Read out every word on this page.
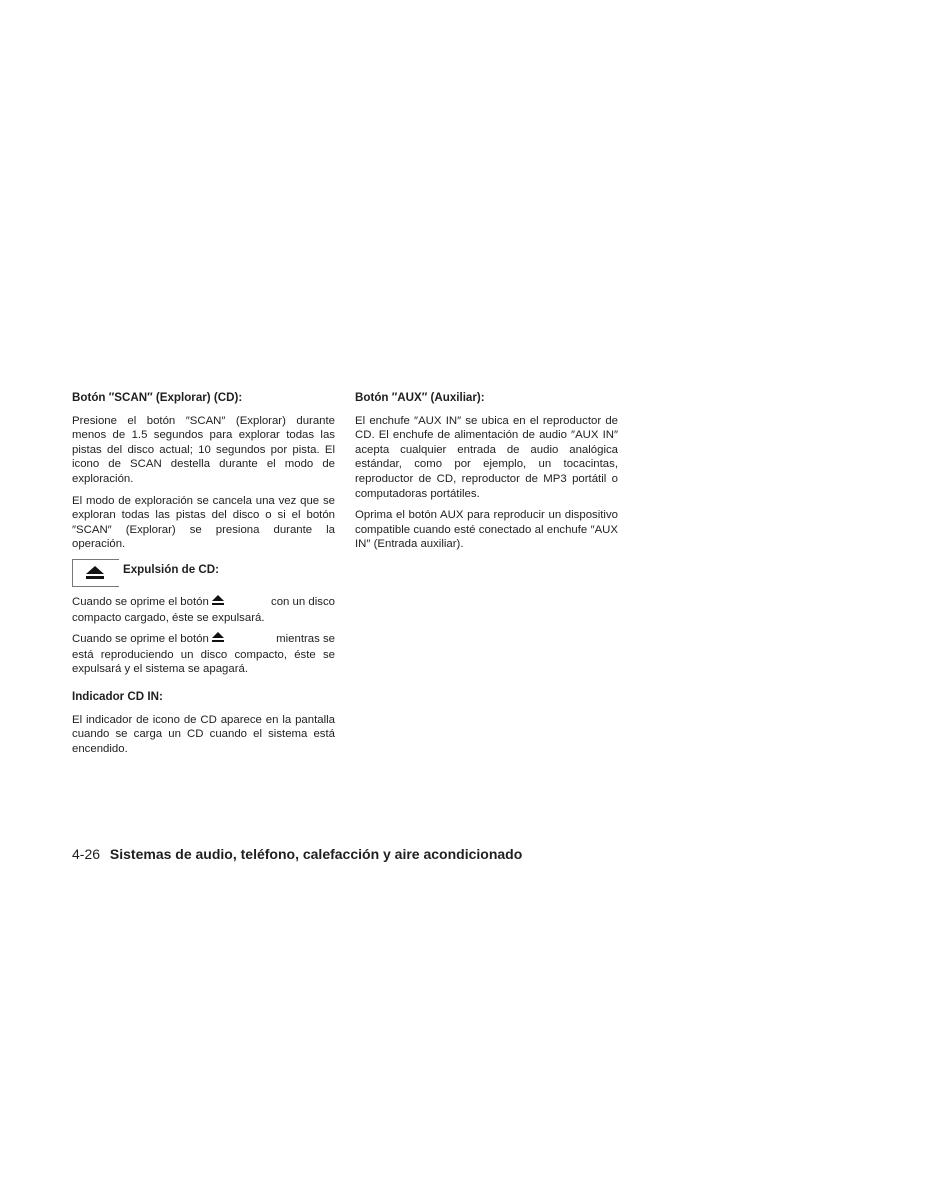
Botón ″SCAN″ (Explorar) (CD):

Presione el botón ″SCAN″ (Explorar) durante menos de 1.5 segundos para explorar todas las pistas del disco actual; 10 segundos por pista. El icono de SCAN destella durante el modo de exploración.

El modo de exploración se cancela una vez que se exploran todas las pistas del disco o si el botón ″SCAN″ (Explorar) se presiona durante la operación.

Expulsión de CD:
Cuando se oprime el botón	con un disco
compacto cargado, éste se expulsará.
Cuando se oprime el botón	mientras se
está reproduciendo un disco compacto, éste se expulsará y el sistema se apagará.

Indicador CD IN:

El indicador de icono de CD aparece en la pantalla cuando se carga un CD cuando el sistema está encendido.

Botón ″AUX″ (Auxiliar):

El enchufe ″AUX IN″ se ubica en el reproductor de CD. El enchufe de alimentación de audio ″AUX IN″ acepta cualquier entrada de audio analógica estándar, como por ejemplo, un tocacintas, reproductor de CD, reproductor de MP3 portátil o computadoras portátiles.

Oprima el botón AUX para reproducir un dispositivo compatible cuando esté conectado al enchufe ″AUX IN″ (Entrada auxiliar).

4-26 Sistemas de audio, teléfono, calefacción y aire acondicionado
